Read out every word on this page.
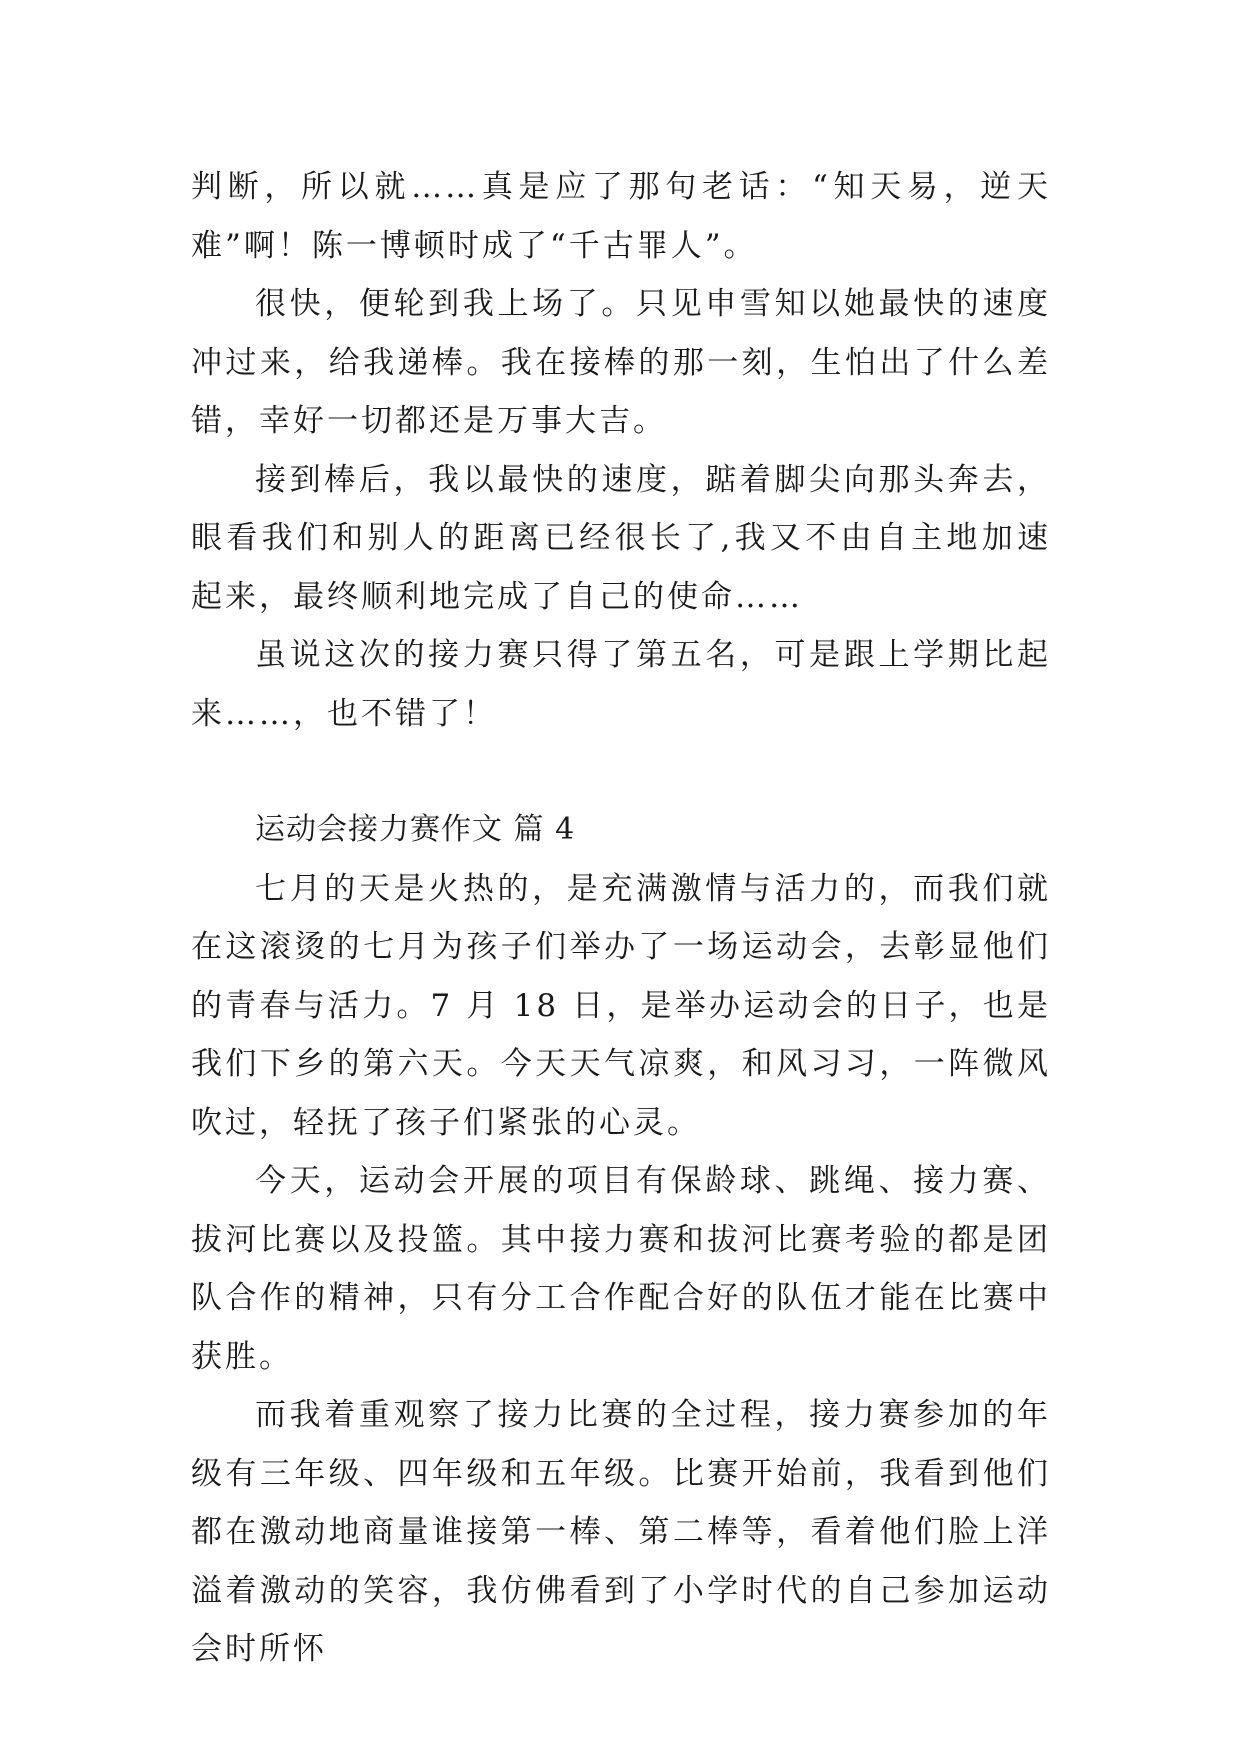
判断，所以就……真是应了那句老话：“知天易，逆天难”啊！陈一博顿时成了“千古罪人”。

很快，便轮到我上场了。只见申雪知以她最快的速度冲过来，给我递棒。我在接棒的那一刻，生怕出了什么差错，幸好一切都还是万事大吉。

接到棒后，我以最快的速度，踮着脚尖向那头奔去，眼看我们和别人的距离已经很长了,我又不由自主地加速起来，最终顺利地完成了自己的使命……

虽说这次的接力赛只得了第五名，可是跟上学期比起来……，也不错了！

运动会接力赛作文 篇 4

七月的天是火热的，是充满激情与活力的，而我们就在这滚烫的七月为孩子们举办了一场运动会，去彰显他们的青春与活力。7 月 18 日，是举办运动会的日子，也是我们下乡的第六天。今天天气凉爽，和风习习，一阵微风吹过，轻抚了孩子们紧张的心灵。

今天，运动会开展的项目有保龄球、跳绳、接力赛、拔河比赛以及投篮。其中接力赛和拔河比赛考验的都是团队合作的精神，只有分工合作配合好的队伍才能在比赛中获胜。

而我着重观察了接力比赛的全过程，接力赛参加的年级有三年级、四年级和五年级。比赛开始前，我看到他们都在激动地商量谁接第一棒、第二棒等，看着他们脸上洋溢着激动的笑容，我仿佛看到了小学时代的自己参加运动会时所怀
